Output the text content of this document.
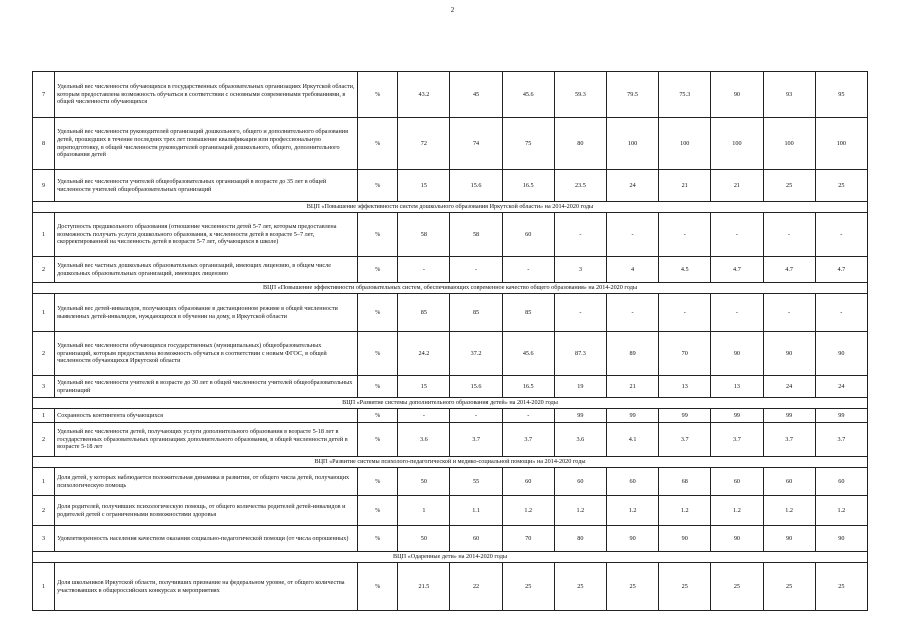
2
7	Удельный вес численности обучающихся в государственных образовательных организациях Иркутской области, которым предоставлена возможность обучаться в соответствии с основными современными требованиями, в общей численности обучающихся	%	43.2	45	45.6	59.3	79.5	75.3	90	93	95
8	Удельный вес численности руководителей организаций дошкольного, общего и дополнительного образования детей, прошедших в течение последних трех лет повышение квалификации или профессиональную переподготовку, в общей численности руководителей организаций дошкольного, общего, дополнительного образования детей	%	72	74	75	80	100	100	100	100	100
9	Удельный вес численности учителей общеобразовательных организаций в возрасте до 35 лет в общей численности учителей общеобразовательных организаций	%	15	15.6	16.5	23.5	24	21	21	25	25
ВЦП «Повышение эффективности систем дошкольного образования Иркутской области» на 2014-2020 годы											
1	Доступность предшкольного образования (отношение численности детей 5-7 лет, которым предоставлена возможность получать услуги дошкольного образования, к численности детей в возрасте 5–7 лет, скорректированной на численность детей в возрасте 5-7 лет, обучающихся в школе)	%	58	58	60	-	-	-	-	-	-
2	Удельный вес частных дошкольных образовательных организаций, имеющих лицензию, в общем числе дошкольных образовательных организаций, имеющих лицензию	%	-	-	-	3	4	4.5	4.7	4.7	4.7
ВЦП «Повышение эффективности образовательных систем, обеспечивающих современное качество общего образования» на 2014-2020 годы											
1	Удельный вес детей-инвалидов, получающих образование в дистанционном режиме в общей численности выявленных детей-инвалидов, нуждающихся в обучении на дому, в Иркутской области	%	85	85	85	-	-	-	-	-	-
2	Удельный вес численности обучающихся государственных (муниципальных) общеобразовательных организаций, которым предоставлена возможность обучаться в соответствии с новым ФГОС, в общей численности обучающихся Иркутской области	%	24.2	37.2	45.6	87.3	89	70	90	90	90
3	Удельный вес численности учителей в возрасте до 30 лет в общей численности учителей общеобразовательных организаций	%	15	15.6	16.5	19	21	13	13	24	24
ВЦП «Развитие системы дополнительного образования детей» на 2014-2020 годы											
1	Сохранность контингента обучающихся	%	-	-	-	99	99	99	99	99	99
2	Удельный вес численности детей, получающих услуги дополнительного образования в возрасте 5-18 лет в государственных образовательных организациях дополнительного образования, в общей численности детей в возрасте 5-18 лет	%	3.6	3.7	3.7	3.6	4.1	3.7	3.7	3.7	3.7
ВЦП «Развитие системы психолого-педагогической и медико-социальной помощи» на 2014-2020 годы											
1	Доля детей, у которых наблюдается положительная динамика в развитии, от общего числа детей, получающих психологическую помощь	%	50	55	60	60	60	68	60	60	60
2	Доля родителей, получивших психологическую помощь, от общего количества родителей детей-инвалидов и родителей детей с ограниченными возможностями здоровья	%	1	1.1	1.2	1.2	1.2	1.2	1.2	1.2	1.2
3	Удовлетворенность населения качеством оказания социально-педагогической помощи (от числа опрошенных)	%	50	60	70	80	90	90	90	90	90
ВЦП «Одаренные дети» на 2014-2020 годы											
1	Доля школьников Иркутской области, получивших признание на федеральном уровне, от общего количества участвовавших в общероссийских конкурсах и мероприятиях	%	21.5	22	25	25	25	25	25	25	25
